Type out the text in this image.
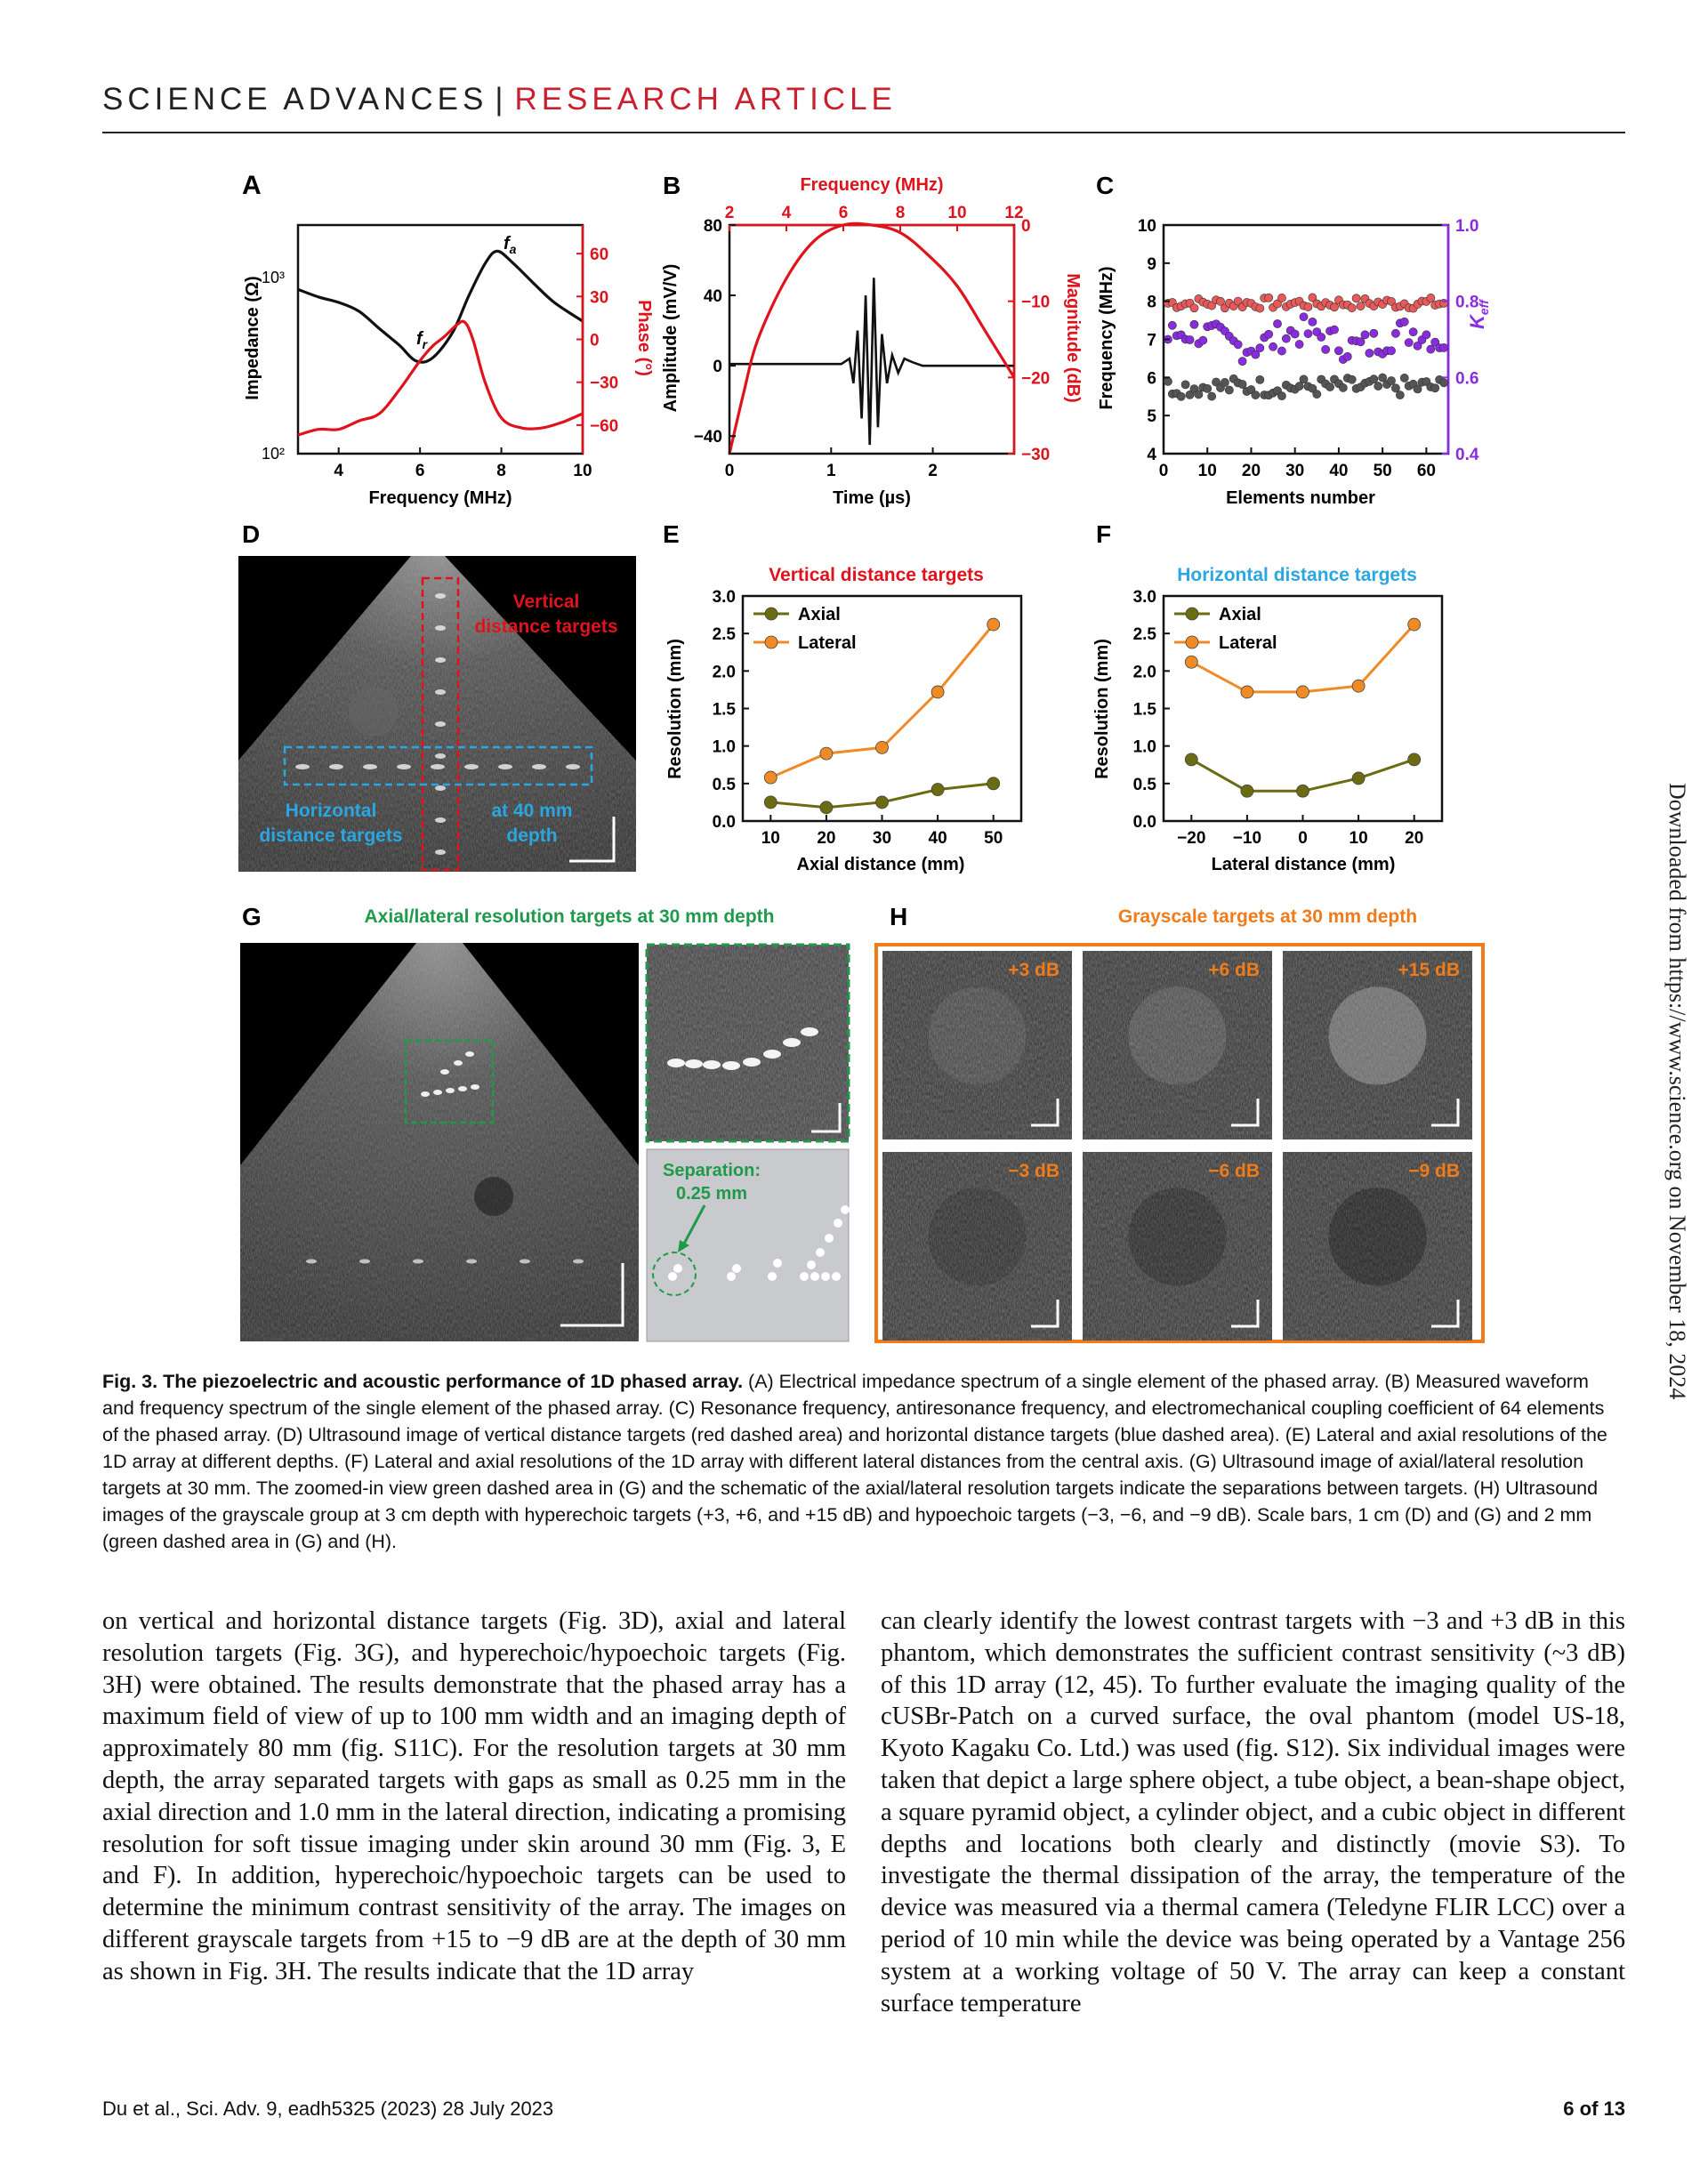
SCIENCE ADVANCES | RESEARCH ARTICLE
A	B	C
D	E	F
G	H
4	6	8	10
60
30
0
−30
−60
10³
10²
Impedance (Ω)
Frequency (MHz)
Phase (°)
$f_a$
$f_r$
0	1	2
80
40
0
−40
2	4	6	8	10 12
0
−10
−20
−30
Frequency (MHz)
Amplitude (mV/V)
Time (µs)
Magnitude (dB)
0 10 20 30 40 50 60
10
9
8
7
6
5
4
1.0
0.8
0.6
0.4
Frequency (MHz)
Elements number
$K_{eff}$
Vertical
distance targets
Horizontal
distance targets
at 40 mm
depth
Axial
Lateral
10 20 30 40 50
0.0
0.5
1.0
1.5
2.0
2.5
3.0
Vertical distance targets
Resolution (mm)
Axial distance (mm)
Axial
Lateral
−20 −10 0 10 20
0.0
0.5
1.0
1.5
2.0
2.5
3.0
Horizontal distance targets
Resolution (mm)
Lateral distance (mm)
Axial/lateral resolution targets at 30 mm depth
Separation:
0.25 mm
Grayscale targets at 30 mm depth
+3 dB	+6 dB	+15 dB
−3 dB	−6 dB	−9 dB
Fig. 3. The piezoelectric and acoustic performance of 1D phased array. (A) Electrical impedance spectrum of a single element of the phased array. (B) Measured waveform and frequency spectrum of the single element of the phased array. (C) Resonance frequency, antiresonance frequency, and electromechanical coupling coefficient of 64 elements of the phased array. (D) Ultrasound image of vertical distance targets (red dashed area) and horizontal distance targets (blue dashed area). (E) Lateral and axial resolutions of the 1D array at different depths. (F) Lateral and axial resolutions of the 1D array with different lateral distances from the central axis. (G) Ultrasound image of axial/lateral resolution targets at 30 mm. The zoomed-in view green dashed area in (G) and the schematic of the axial/lateral resolution targets indicate the separations between targets. (H) Ultrasound images of the grayscale group at 3 cm depth with hyperechoic targets (+3, +6, and +15 dB) and hypoechoic targets (−3, −6, and −9 dB). Scale bars, 1 cm (D) and (G) and 2 mm (green dashed area in (G) and (H).
on vertical and horizontal distance targets (Fig. 3D), axial and lateral resolution targets (Fig. 3G), and hyperechoic/hypoechoic targets (Fig. 3H) were obtained. The results demonstrate that the phased array has a maximum field of view of up to 100 mm width and an imaging depth of approximately 80 mm (fig. S11C). For the resolution targets at 30 mm depth, the array separated targets with gaps as small as 0.25 mm in the axial direction and 1.0 mm in the lateral direction, indicating a promising resolution for soft tissue imaging under skin around 30 mm (Fig. 3, E and F). In addition, hyperechoic/hypoechoic targets can be used to determine the minimum contrast sensitivity of the array. The images on different grayscale targets from +15 to −9 dB are at the depth of 30 mm as shown in Fig. 3H. The results indicate that the 1D array
can clearly identify the lowest contrast targets with −3 and +3 dB in this phantom, which demonstrates the sufficient contrast sensitivity (~3 dB) of this 1D array (12, 45). To further evaluate the imaging quality of the cUSBr-Patch on a curved surface, the oval phantom (model US-18, Kyoto Kagaku Co. Ltd.) was used (fig. S12). Six individual images were taken that depict a large sphere object, a tube object, a bean-shape object, a square pyramid object, a cylinder object, and a cubic object in different depths and locations both clearly and distinctly (movie S3). To investigate the thermal dissipation of the array, the temperature of the device was measured via a thermal camera (Teledyne FLIR LCC) over a period of 10 min while the device was being operated by a Vantage 256 system at a working voltage of 50 V. The array can keep a constant surface temperature
Du et al., Sci. Adv. 9, eadh5325 (2023) 28 July 2023	6 of 13
Downloaded from https://www.science.org on November 18, 2024
